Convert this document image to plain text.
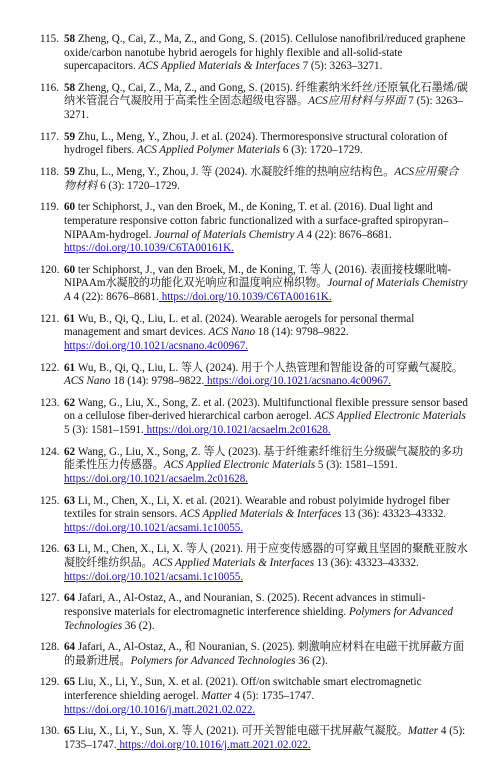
115. 58 Zheng, Q., Cai, Z., Ma, Z., and Gong, S. (2015). Cellulose nanofibril/reduced graphene oxide/carbon nanotube hybrid aerogels for highly flexible and all-solid-state supercapacitors. ACS Applied Materials & Interfaces 7 (5): 3263–3271.
116. 58 Zheng, Q., Cai, Z., Ma, Z., and Gong, S. (2015). 纤维素纳米纤丝/还原氧化石墨烯/碳纳米管混合气凝胶用于高柔性全固态超级电容器。ACS应用材料与界面 7 (5): 3263–3271.
117. 59 Zhu, L., Meng, Y., Zhou, J. et al. (2024). Thermoresponsive structural coloration of hydrogel fibers. ACS Applied Polymer Materials 6 (3): 1720–1729.
118. 59 Zhu, L., Meng, Y., Zhou, J. 等 (2024). 水凝胶纤维的热响应结构色。ACS应用聚合物材料 6 (3): 1720–1729.
119. 60 ter Schiphorst, J., van den Broek, M., de Koning, T. et al. (2016). Dual light and temperature responsive cotton fabric functionalized with a surface-grafted spiropyran–NIPAAm-hydrogel. Journal of Materials Chemistry A 4 (22): 8676–8681.https://doi.org/10.1039/C6TA00161K.
120. 60 ter Schiphorst, J., van den Broek, M., de Koning, T. 等人 (2016). 表面接枝螺吡喃-NIPAAm水凝胶的功能化双光响应和温度响应棉织物。Journal of Materials Chemistry A 4 (22): 8676–8681. https://doi.org/10.1039/C6TA00161K.
121. 61 Wu, B., Qi, Q., Liu, L. et al. (2024). Wearable aerogels for personal thermal management and smart devices. ACS Nano 18 (14): 9798–9822.https://doi.org/10.1021/acsnano.4c00967.
122. 61 Wu, B., Qi, Q., Liu, L. 等人 (2024). 用于个人热管理和智能设备的可穿戴气凝胶。ACS Nano 18 (14): 9798–9822. https://doi.org/10.1021/acsnano.4c00967.
123. 62 Wang, G., Liu, X., Song, Z. et al. (2023). Multifunctional flexible pressure sensor based on a cellulose fiber-derived hierarchical carbon aerogel. ACS Applied Electronic Materials 5 (3): 1581–1591. https://doi.org/10.1021/acsaelm.2c01628.
124. 62 Wang, G., Liu, X., Song, Z. 等人 (2023). 基于纤维素纤维衍生分级碳气凝胶的多功能柔性压力传感器。ACS Applied Electronic Materials 5 (3): 1581–1591.https://doi.org/10.1021/acsaelm.2c01628.
125. 63 Li, M., Chen, X., Li, X. et al. (2021). Wearable and robust polyimide hydrogel fiber textiles for strain sensors. ACS Applied Materials & Interfaces 13 (36): 43323–43332.https://doi.org/10.1021/acsami.1c10055.
126. 63 Li, M., Chen, X., Li, X. 等人 (2021). 用于应变传感器的可穿戴且坚固的聚酰亚胺水凝胶纤维纺织品。ACS Applied Materials & Interfaces 13 (36): 43323–43332.https://doi.org/10.1021/acsami.1c10055.
127. 64 Jafari, A., Al-Ostaz, A., and Nouranian, S. (2025). Recent advances in stimuli-responsive materials for electromagnetic interference shielding. Polymers for Advanced Technologies 36 (2).
128. 64 Jafari, A., Al-Ostaz, A., 和 Nouranian, S. (2025). 刺激响应材料在电磁干扰屏蔽方面的最新进展。Polymers for Advanced Technologies 36 (2).
129. 65 Liu, X., Li, Y., Sun, X. et al. (2021). Off/on switchable smart electromagnetic interference shielding aerogel. Matter 4 (5): 1735–1747.https://doi.org/10.1016/j.matt.2021.02.022.
130. 65 Liu, X., Li, Y., Sun, X. 等人 (2021). 可开关智能电磁干扰屏蔽气凝胶。Matter 4 (5): 1735–1747. https://doi.org/10.1016/j.matt.2021.02.022.
